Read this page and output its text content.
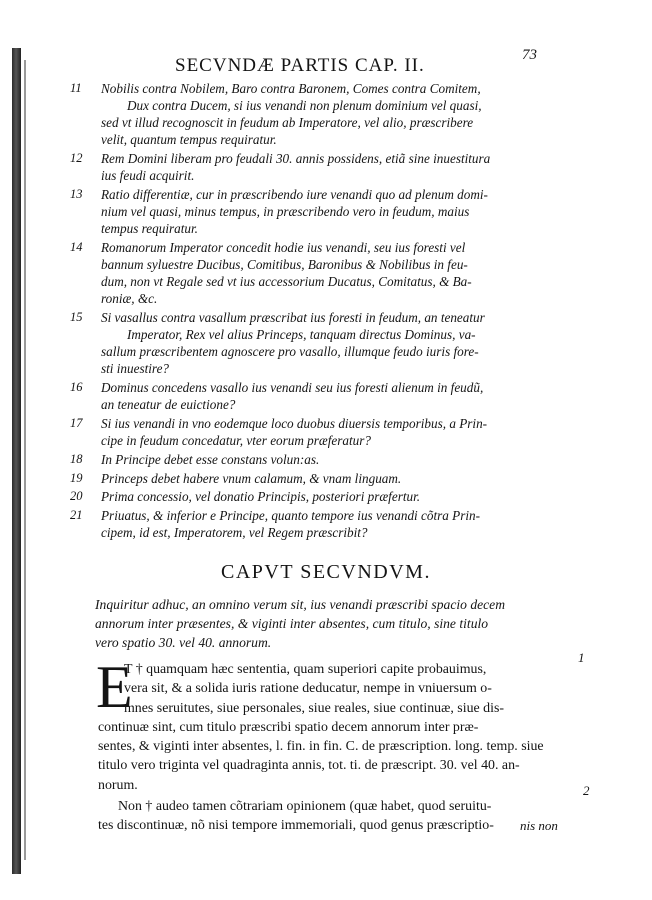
SECVNDÆ PARTIS CAP. II.	73
11	Nobilis contra Nobilem, Baro contra Baronem, Comes contra Comitem,
Dux contra Ducem, si ius venandi non plenum dominium vel quasi,
sed vt illud recognoscit in feudum ab Imperatore, vel alio, præscribere
velit, quantum tempus requiratur.
12	Rem Domini liberam pro feudali 30. annis possidens, etiã sine inuestitura
ius feudi acquirit.
13	Ratio differentiæ, cur in præscribendo iure venandi quo ad plenum domi-
nium vel quasi, minus tempus, in præscribendo vero in feudum, maius
tempus requiratur.
14	Romanorum Imperator concedit hodie ius venandi, seu ius foresti vel
bannum syluestre Ducibus, Comitibus, Baronibus & Nobilibus in feu-
dum, non vt Regale sed vt ius accessorium Ducatus, Comitatus, & Ba-
roniæ, &c.
15	Si vasallus contra vasallum præscribat ius foresti in feudum, an teneatur
Imperator, Rex vel alius Princeps, tanquam directus Dominus, va-
sallum præscribentem agnoscere pro vasallo, illumque feudo iuris fore-
sti inuestire?
16	Dominus concedens vasallo ius venandi seu ius foresti alienum in feudũ,
an teneatur de euictione?
17	Si ius venandi in vno eodemque loco duobus diuersis temporibus, a Prin-
cipe in feudum concedatur, vter eorum præferatur?
18	In Principe debet esse constans volun:as.
19	Princeps debet habere vnum calamum, & vnam linguam.
20	Prima concessio, vel donatio Principis, posteriori præfertur.
21	Priuatus, & inferior e Principe, quanto tempore ius venandi cõtra Prin-
cipem, id est, Imperatorem, vel Regem præscribit?
CAPVT SECVNDVM.
Inquiritur adhuc, an omnino verum sit, ius venandi præscribi spacio decem
annorum inter præsentes, & viginti inter absentes, cum titulo, sine titulo
vero spatio 30. vel 40. annorum.
E
T † quamquam hæc sententia, quam superiori capite probauimus,
vera sit, & a solida iuris ratione deducatur, nempe in vniuersum o-
mnes seruitutes, siue personales, siue reales, siue continuæ, siue dis-
continuæ sint, cum titulo præscribi spatio decem annorum inter præ-
sentes, & viginti inter absentes, l. fin. in fin. C. de præscription. long. temp. siue
titulo vero triginta vel quadraginta annis, tot. ti. de præscript. 30. vel 40. an-
norum.
Non † audeo tamen cõtrariam opinionem (quæ habet, quod seruitu-
tes discontinuæ, nõ nisi tempore immemoriali, quod genus præscriptio-
1
2
nis non
